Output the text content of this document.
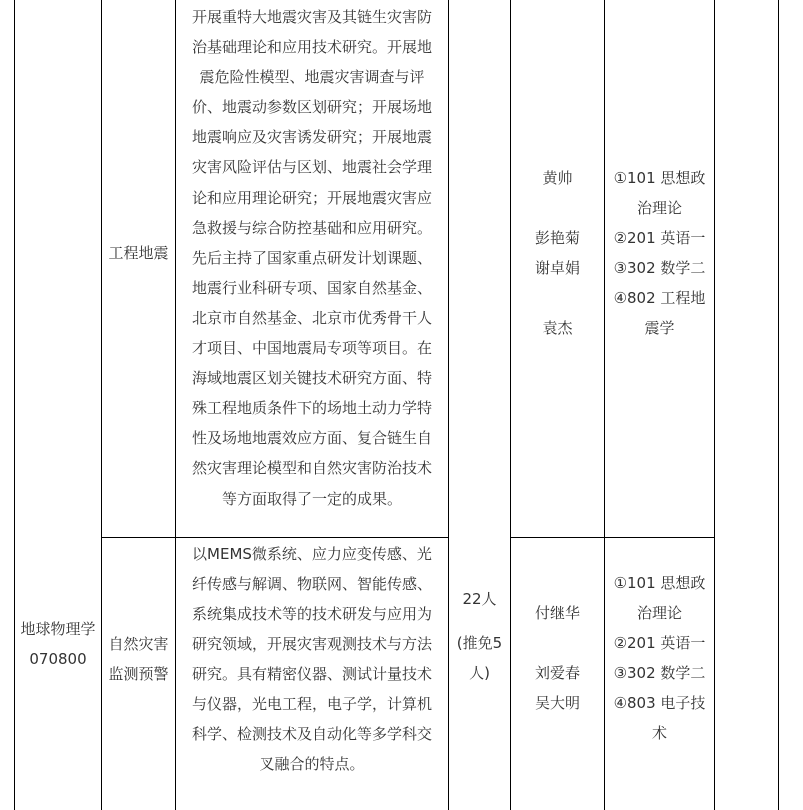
地球物理学
070800
22人
(推免5
人)
工程地震
开展重特大地震灾害及其链生灾害防
治基础理论和应用技术研究。开展地
震危险性模型、地震灾害调查与评
价、地震动参数区划研究；开展场地
地震响应及灾害诱发研究；开展地震
灾害风险评估与区划、地震社会学理
论和应用理论研究；开展地震灾害应
急救援与综合防控基础和应用研究。
先后主持了国家重点研发计划课题、
地震行业科研专项、国家自然基金、
北京市自然基金、北京市优秀骨干人
才项目、中国地震局专项等项目。在
海域地震区划关键技术研究方面、特
殊工程地质条件下的场地土动力学特
性及场地地震效应方面、复合链生自
然灾害理论模型和自然灾害防治技术
等方面取得了一定的成果。
黄帅
彭艳菊
谢卓娟
袁杰
①101 思想政
治理论
②201 英语一
③302 数学二
④802 工程地
震学
自然灾害
监测预警
以MEMS微系统、应力应变传感、光
纤传感与解调、物联网、智能传感、
系统集成技术等的技术研发与应用为
研究领域，开展灾害观测技术与方法
研究。具有精密仪器、测试计量技术
与仪器，光电工程，电子学，计算机
科学、检测技术及自动化等多学科交
叉融合的特点。
付继华
刘爱春
吴大明
①101 思想政
治理论
②201 英语一
③302 数学二
④803 电子技
术
